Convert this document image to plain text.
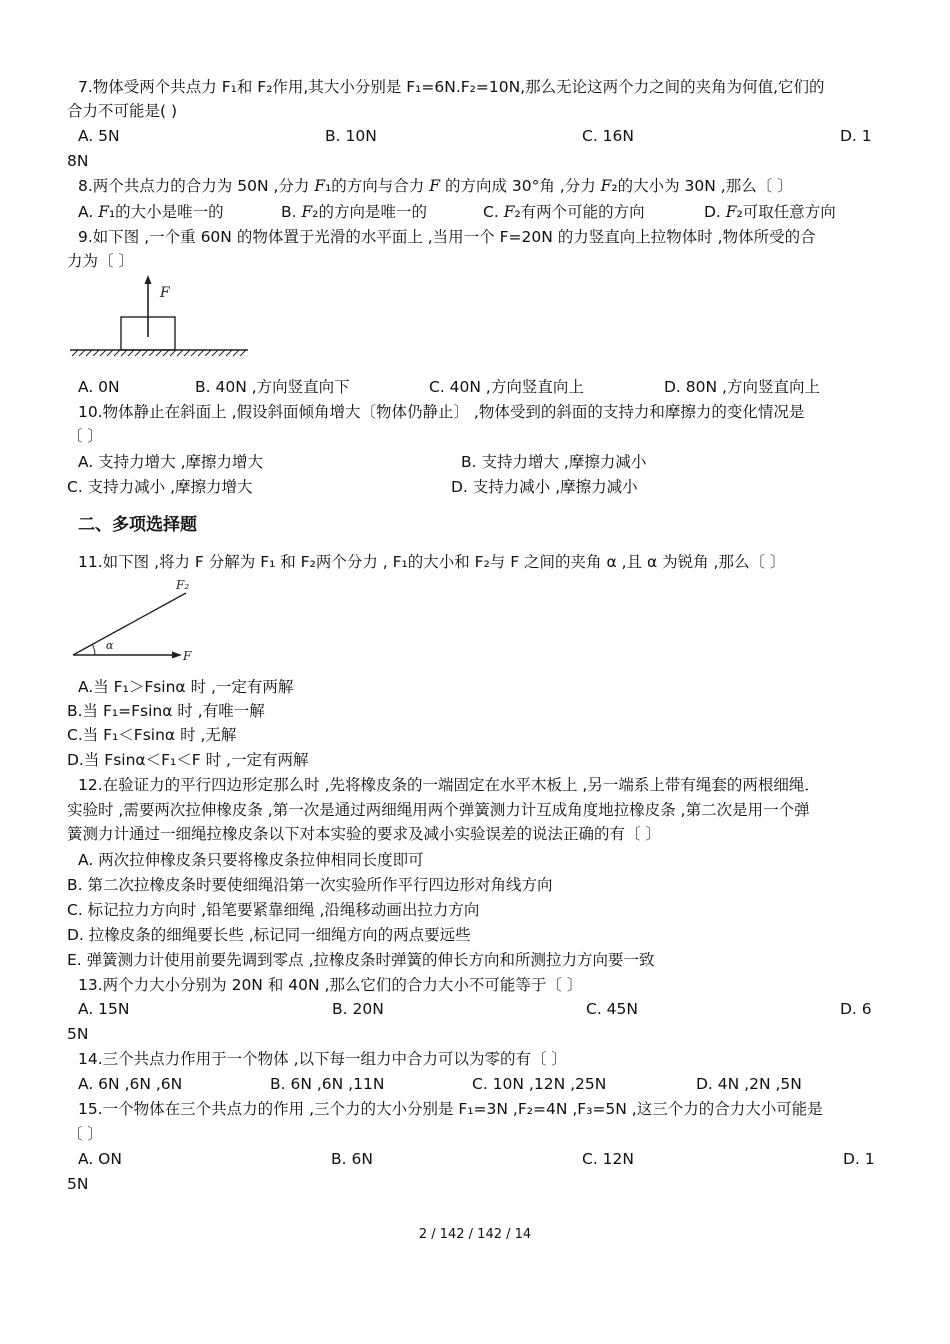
7.物体受两个共点力 F₁和 F₂作用,其大小分别是 F₁=6N.F₂=10N,那么无论这两个力之间的夹角为何值,它们的
合力不可能是( )
A. 5N	B. 10N	C. 16N	D. 1
8N
8.两个共点力的合力为 50N ,分力 F₁的方向与合力 F 的方向成 30°角 ,分力 F₂的大小为 30N ,那么〔 〕
A. F₁的大小是唯一的	B. F₂的方向是唯一的	C. F₂有两个可能的方向	D. F₂可取任意方向
9.如下图 ,一个重 60N 的物体置于光滑的水平面上 ,当用一个 F=20N 的力竖直向上拉物体时 ,物体所受的合
力为〔 〕
F
A. 0N	B. 40N ,方向竖直向下	C. 40N ,方向竖直向上	D. 80N ,方向竖直向上
10.物体静止在斜面上 ,假设斜面倾角增大〔物体仍静止〕 ,物体受到的斜面的支持力和摩擦力的变化情况是
〔 〕
A. 支持力增大 ,摩擦力增大	B. 支持力增大 ,摩擦力减小
C. 支持力减小 ,摩擦力增大	D. 支持力减小 ,摩擦力减小
二、多项选择题
11.如下图 ,将力 F 分解为 F₁ 和 F₂两个分力 , F₁的大小和 F₂与 F 之间的夹角 α ,且 α 为锐角 ,那么〔 〕
F₂
α
F
A.当 F₁＞Fsinα 时 ,一定有两解
B.当 F₁=Fsinα 时 ,有唯一解
C.当 F₁＜Fsinα 时 ,无解
D.当 Fsinα＜F₁＜F 时 ,一定有两解
12.在验证力的平行四边形定那么时 ,先将橡皮条的一端固定在水平木板上 ,另一端系上带有绳套的两根细绳．
实验时 ,需要两次拉伸橡皮条 ,第一次是通过两细绳用两个弹簧测力计互成角度地拉橡皮条 ,第二次是用一个弹
簧测力计通过一细绳拉橡皮条以下对本实验的要求及减小实验误差的说法正确的有〔 〕
A. 两次拉伸橡皮条只要将橡皮条拉伸相同长度即可
B. 第二次拉橡皮条时要使细绳沿第一次实验所作平行四边形对角线方向
C. 标记拉力方向时 ,铅笔要紧靠细绳 ,沿绳移动画出拉力方向
D. 拉橡皮条的细绳要长些 ,标记同一细绳方向的两点要远些
E. 弹簧测力计使用前要先调到零点 ,拉橡皮条时弹簧的伸长方向和所测拉力方向要一致
13.两个力大小分别为 20N 和 40N ,那么它们的合力大小不可能等于〔 〕
A. 15N	B. 20N	C. 45N	D. 6
5N
14.三个共点力作用于一个物体 ,以下每一组力中合力可以为零的有〔 〕
A. 6N ,6N ,6N	B. 6N ,6N ,11N	C. 10N ,12N ,25N	D. 4N ,2N ,5N
15.一个物体在三个共点力的作用 ,三个力的大小分别是 F₁=3N ,F₂=4N ,F₃=5N ,这三个力的合力大小可能是
〔 〕
A. ON	B. 6N	C. 12N	D. 1
5N
2 / 142 / 142 / 14
